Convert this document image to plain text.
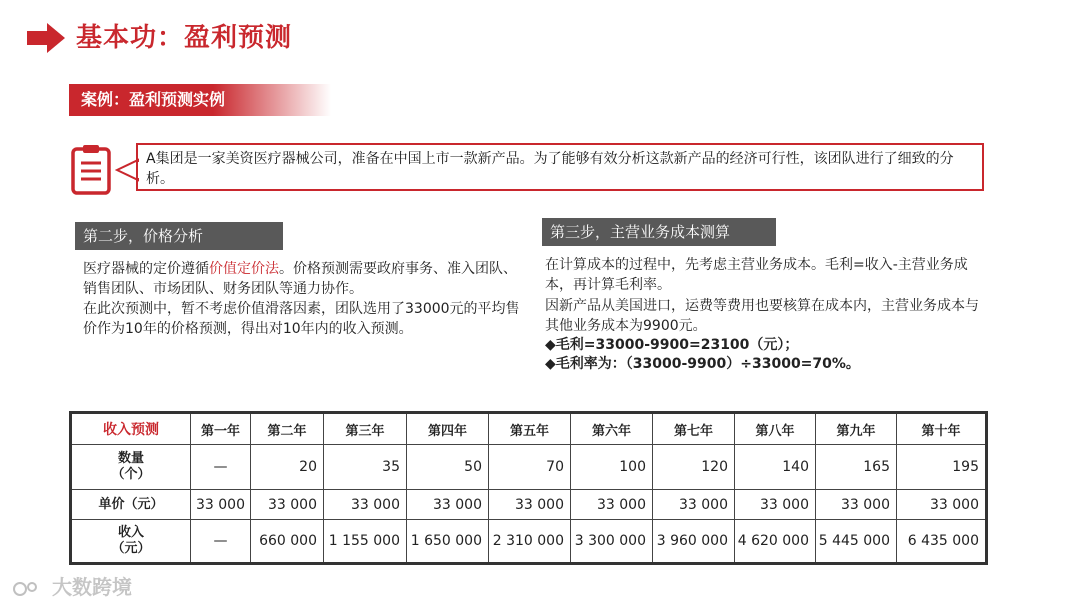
基本功：盈利预测
案例：盈利预测实例
A集团是一家美资医疗器械公司，准备在中国上市一款新产品。为了能够有效分析这款新产品的经济可行性，该团队进行了细致的分析。
第二步，价格分析

医疗器械的定价遵循价值定价法。价格预测需要政府事务、准入团队、销售团队、市场团队、财务团队等通力协作。

在此次预测中，暂不考虑价值滑落因素，团队选用了33000元的平均售价作为10年的价格预测，得出对10年内的收入预测。

第三步，主营业务成本测算

在计算成本的过程中，先考虑主营业务成本。毛利=收入-主营业务成本，再计算毛利率。

因新产品从美国进口，运费等费用也要核算在成本内，主营业务成本与其他业务成本为9900元。

◆毛利=33000-9900=23100（元）；

◆毛利率为：（33000-9900）÷33000=70%。

收入预测	第一年	第二年	第三年	第四年	第五年	第六年	第七年	第八年	第九年	第十年

数量
（个）	—	20	35	50	70	100	120	140	165	195
单价（元）	33 000	33 000	33 000	33 000	33 000	33 000	33 000	33 000	33 000	33 000

收入
（元）	—	660 000	1 155 000	1 650 000	2 310 000	3 300 000	3 960 000	4 620 000	5 445 000	6 435 000
大数跨境
